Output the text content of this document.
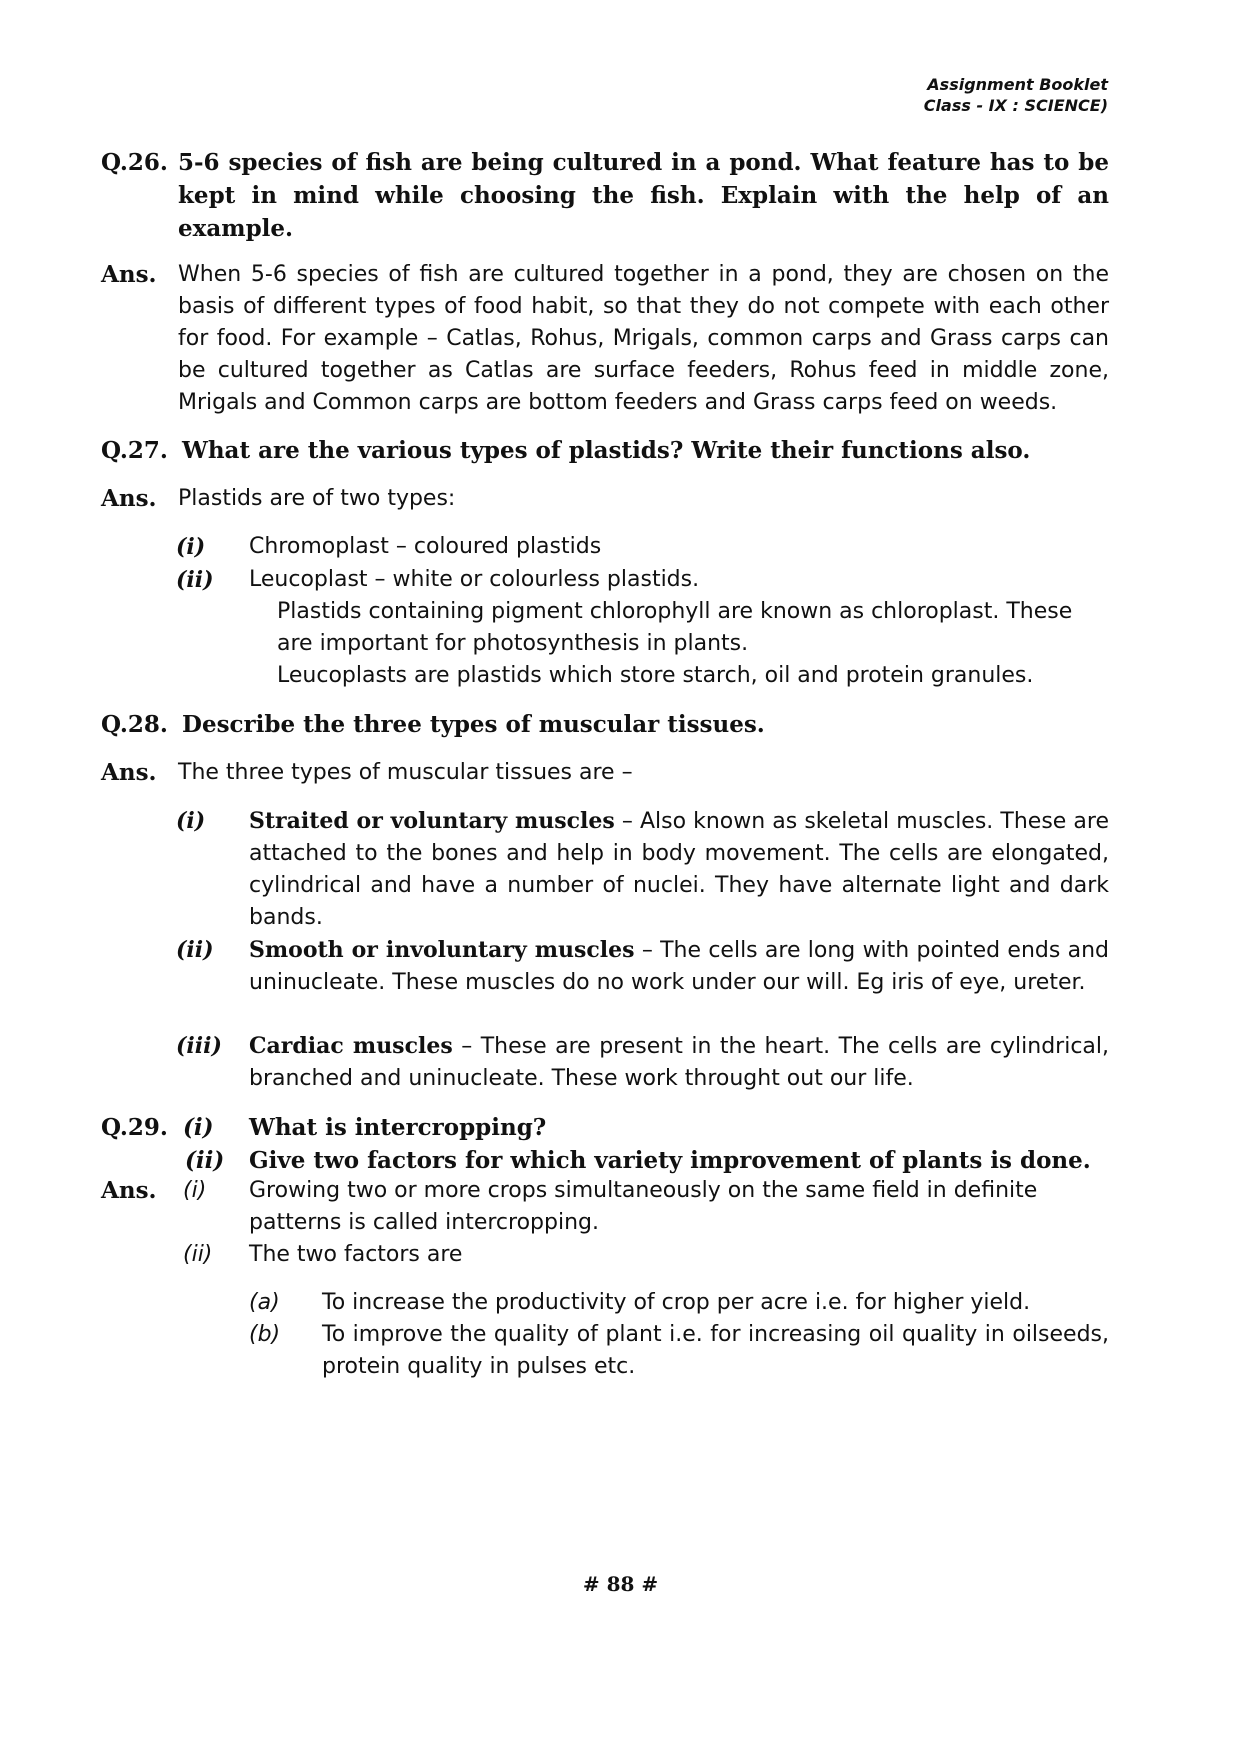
Assignment Booklet
Class - IX : SCIENCE)
Q.26. 5-6 species of fish are being cultured in a pond. What feature has to be kept in mind while choosing the fish. Explain with the help of an example.
Ans. When 5-6 species of fish are cultured together in a pond, they are chosen on the basis of different types of food habit, so that they do not compete with each other for food. For example – Catlas, Rohus, Mrigals, common carps and Grass carps can be cultured together as Catlas are surface feeders, Rohus feed in middle zone, Mrigals and Common carps are bottom feeders and Grass carps feed on weeds.
Q.27. What are the various types of plastids? Write their functions also.
Ans. Plastids are of two types:
(i) Chromoplast – coloured plastids
(ii) Leucoplast – white or colourless plastids.
Plastids containing pigment chlorophyll are known as chloroplast. These are important for photosynthesis in plants.
Leucoplasts are plastids which store starch, oil and protein granules.
Q.28. Describe the three types of muscular tissues.
Ans. The three types of muscular tissues are –
(i) Straited or voluntary muscles – Also known as skeletal muscles. These are attached to the bones and help in body movement. The cells are elongated, cylindrical and have a number of nuclei. They have alternate light and dark bands.
(ii) Smooth or involuntary muscles – The cells are long with pointed ends and uninucleate. These muscles do no work under our will. Eg iris of eye, ureter.
(iii) Cardiac muscles – These are present in the heart. The cells are cylindrical, branched and uninucleate. These work throught out our life.
Q.29. (i) What is intercropping?
(ii) Give two factors for which variety improvement of plants is done.
Ans. (i) Growing two or more crops simultaneously on the same field in definite patterns is called intercropping.
(ii) The two factors are
(a) To increase the productivity of crop per acre i.e. for higher yield.
(b) To improve the quality of plant i.e. for increasing oil quality in oilseeds, protein quality in pulses etc.
# 88 #
